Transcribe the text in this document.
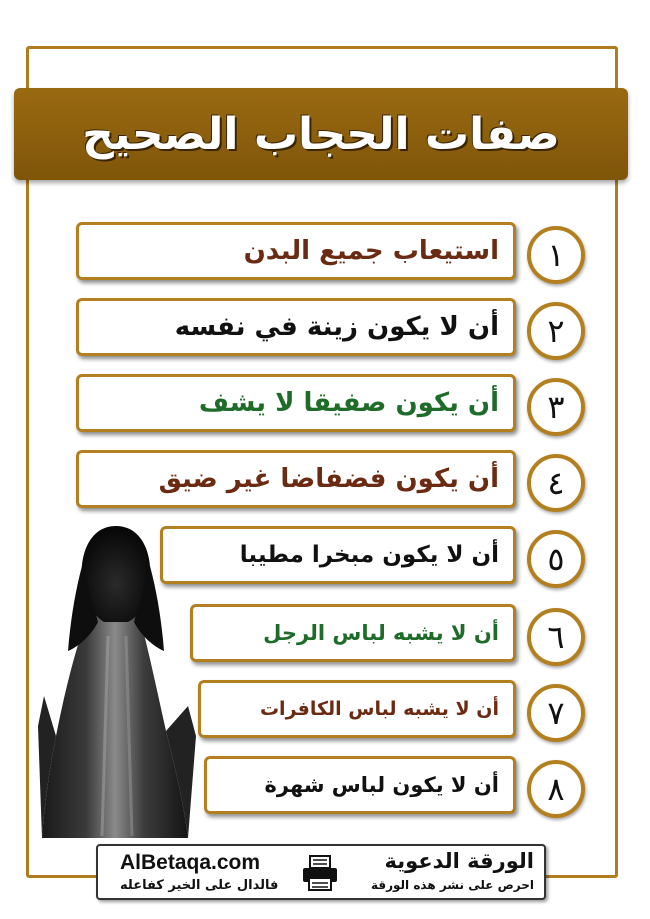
صفات الحجاب الصحيح
استيعاب جميع البدن	١
أن لا يكون زينة في نفسه	٢
أن يكون صفيقا لا يشف	٣
أن يكون فضفاضا غير ضيق	٤
أن لا يكون مبخرا مطيبا	٥
أن لا يشبه لباس الرجل	٦
أن لا يشبه لباس الكافرات	٧
أن لا يكون لباس شهرة	٨
AlBetaqa.com
فالدال على الخير كفاعله
الورقة الدعوية
احرص على نشر هذه الورقة
